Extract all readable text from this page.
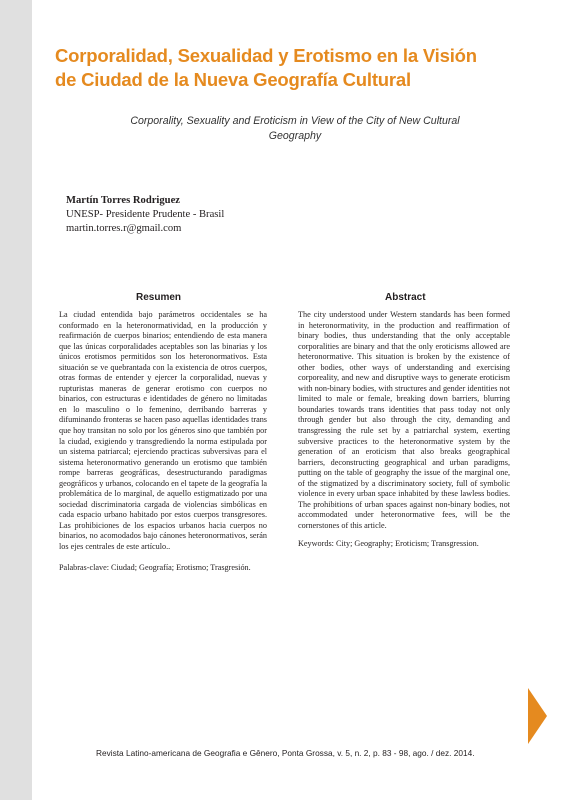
Corporalidad, Sexualidad y Erotismo en la Visión
de Ciudad de la Nueva Geografía Cultural
Corporality, Sexuality and Eroticism in View of the City of New Cultural
Geography
Martín Torres Rodriguez
UNESP- Presidente Prudente - Brasil
martin.torres.r@gmail.com
Resumen	Abstract

La ciudad entendida bajo parámetros occidentales se ha conformado en la heteronormatividad, en la producción y reafirmación de cuerpos binarios; entendiendo de esta manera que las únicas corporalidades aceptables son las binarias y los únicos erotismos permitidos son los heteronormativos. Esta situación se ve quebrantada con la existencia de otros cuerpos, otras formas de entender y ejercer la corporalidad, nuevas y rupturistas maneras de generar erotismo con cuerpos no binarios, con estructuras e identidades de género no limitadas en lo masculino o lo femenino, derribando barreras y difuminando fronteras se hacen paso aquellas identidades trans que hoy transitan no solo por los géneros sino que también por la ciudad, exigiendo y transgrediendo la norma estipulada por un sistema patriarcal; ejerciendo practicas subversivas para el sistema heteronormativo generando un erotismo que también rompe barreras geográficas, desestructurando paradigmas geográficos y urbanos, colocando en el tapete de la geografía la problemática de lo marginal, de aquello estigmatizado por una sociedad discriminatoria cargada de violencias simbólicas en cada espacio urbano habitado por estos cuerpos transgresores. Las prohibiciones de los espacios urbanos hacia cuerpos no binarios, no acomodados bajo cánones heteronormativos, serán los ejes centrales de este artículo..

Palabras-clave: Ciudad; Geografía; Erotismo; Trasgresión.

The city understood under Western standards has been formed in heteronormativity, in the production and reaffirmation of binary bodies, thus understanding that the only acceptable corporalities are binary and that the only eroticisms allowed are heteronormative. This situation is broken by the existence of other bodies, other ways of understanding and exercising corporeality, and new and disruptive ways to generate eroticism with non-binary bodies, with structures and gender identities not limited to male or female, breaking down barriers, blurring boundaries towards trans identities that pass today not only through gender but also through the city, demanding and transgressing the rule set by a patriarchal system, exerting subversive practices to the heteronormative system by the generation of an eroticism that also breaks geographical barriers, deconstructing geographical and urban paradigms, putting on the table of geography the issue of the marginal one, of the stigmatized by a discriminatory society, full of symbolic violence in every urban space inhabited by these lawless bodies. The prohibitions of urban spaces against non-binary bodies, not accommodated under heteronormative fees, will be the cornerstones of this article.

Keywords: City; Geography; Eroticism; Transgression.

Revista Latino-americana de Geografia e Gênero, Ponta Grossa, v. 5, n. 2, p. 83 - 98, ago. / dez. 2014.
